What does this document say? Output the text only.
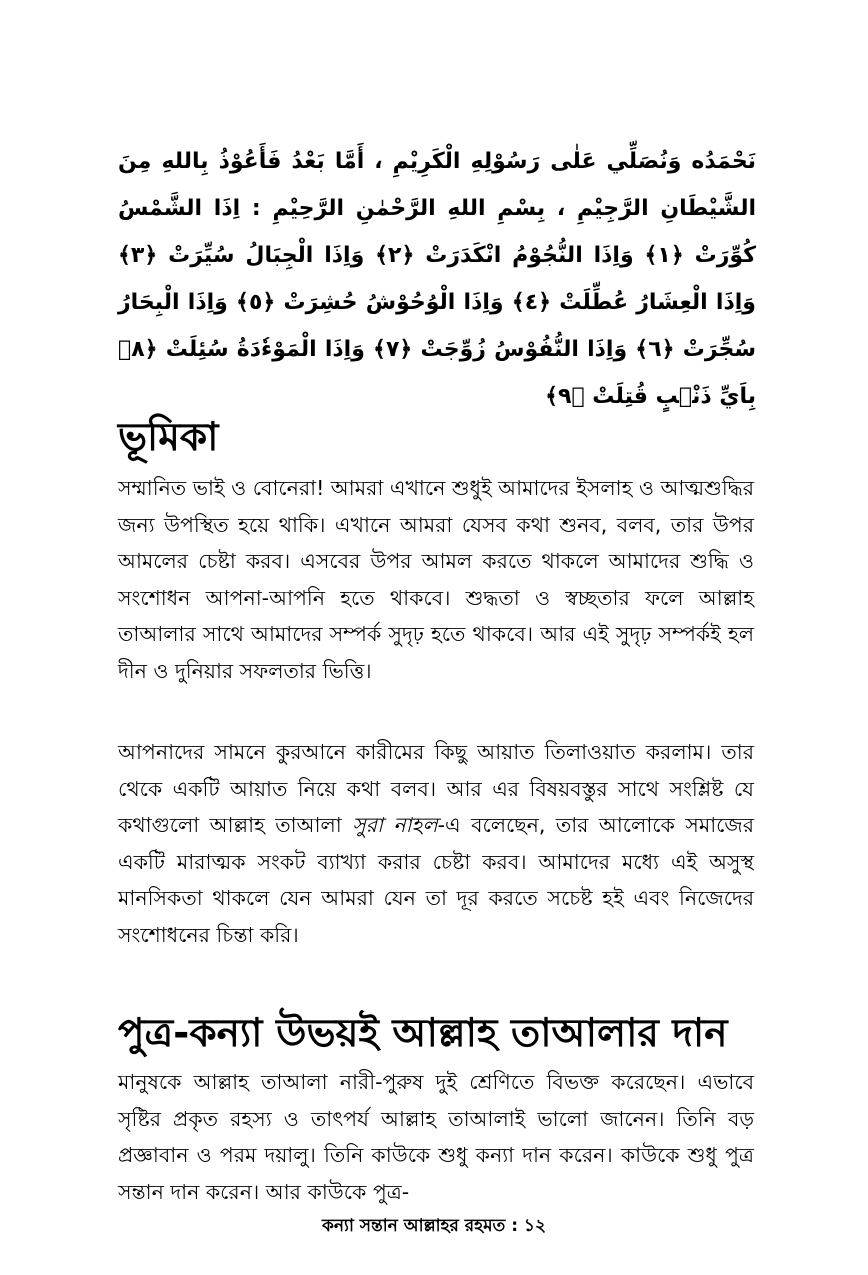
نَحْمَدُه وَنُصَلِّي عَلٰى رَسُوْلِهِ الْكَرِيْمِ ، أَمَّا بَعْدُ فَأَعُوْذُ بِاللهِ مِنَ الشَّيْطَانِ الرَّجِيْمِ ، بِسْمِ اللهِ الرَّحْمٰنِ الرَّحِيْمِ : اِذَا الشَّمْسُ كُوِّرَتْ ﴿١﴾ وَاِذَا النُّجُوْمُ انْكَدَرَتْ ﴿٢﴾ وَاِذَا الْجِبَالُ سُيِّرَتْ ﴿٣﴾ وَاِذَا الْعِشَارُ عُطِّلَتْ ﴿٤﴾ وَاِذَا الْوُحُوْشُ حُشِرَتْ ﴿٥﴾ وَاِذَا الْبِحَارُ سُجِّرَتْ ﴿٦﴾ وَاِذَا النُّفُوْسُ زُوِّجَتْ ﴿٧﴾ وَاِذَا الْمَوْءٗدَةُ سُئِلَتْ ﴿٨﴾ بِاَيِّ ذَنْۢبٍ قُتِلَتْ ﴿٩﴾
ভূমিকা

সম্মানিত ভাই ও বোনেরা! আমরা এখানে শুধুই আমাদের ইসলাহ ও আত্মশুদ্ধির জন্য উপস্থিত হয়ে থাকি। এখানে আমরা যেসব কথা শুনব, বলব, তার উপর আমলের চেষ্টা করব। এসবের উপর আমল করতে থাকলে আমাদের শুদ্ধি ও সংশোধন আপনা-আপনি হতে থাকবে। শুদ্ধতা ও স্বচ্ছতার ফলে আল্লাহ তাআলার সাথে আমাদের সম্পর্ক সুদৃঢ় হতে থাকবে। আর এই সুদৃঢ় সম্পর্কই হল দীন ও দুনিয়ার সফলতার ভিত্তি।

আপনাদের সামনে কুরআনে কারীমের কিছু আয়াত তিলাওয়াত করলাম। তার থেকে একটি আয়াত নিয়ে কথা বলব। আর এর বিষয়বস্তুর সাথে সংশ্লিষ্ট যে কথাগুলো আল্লাহ তাআলা সুরা নাহল-এ বলেছেন, তার আলোকে সমাজের একটি মারাত্মক সংকট ব্যাখ্যা করার চেষ্টা করব। আমাদের মধ্যে এই অসুস্থ মানসিকতা থাকলে যেন আমরা যেন তা দূর করতে সচেষ্ট হই এবং নিজেদের সংশোধনের চিন্তা করি।

পুত্র-কন্যা উভয়ই আল্লাহ তাআলার দান

মানুষকে আল্লাহ তাআলা নারী-পুরুষ দুই শ্রেণিতে বিভক্ত করেছেন। এভাবে সৃষ্টির প্রকৃত রহস্য ও তাৎপর্য আল্লাহ তাআলাই ভালো জানেন। তিনি বড় প্রজ্ঞাবান ও পরম দয়ালু। তিনি কাউকে শুধু কন্যা দান করেন। কাউকে শুধু পুত্র সন্তান দান করেন। আর কাউকে পুত্র-

কন্যা সন্তান আল্লাহর রহমত : ১২
